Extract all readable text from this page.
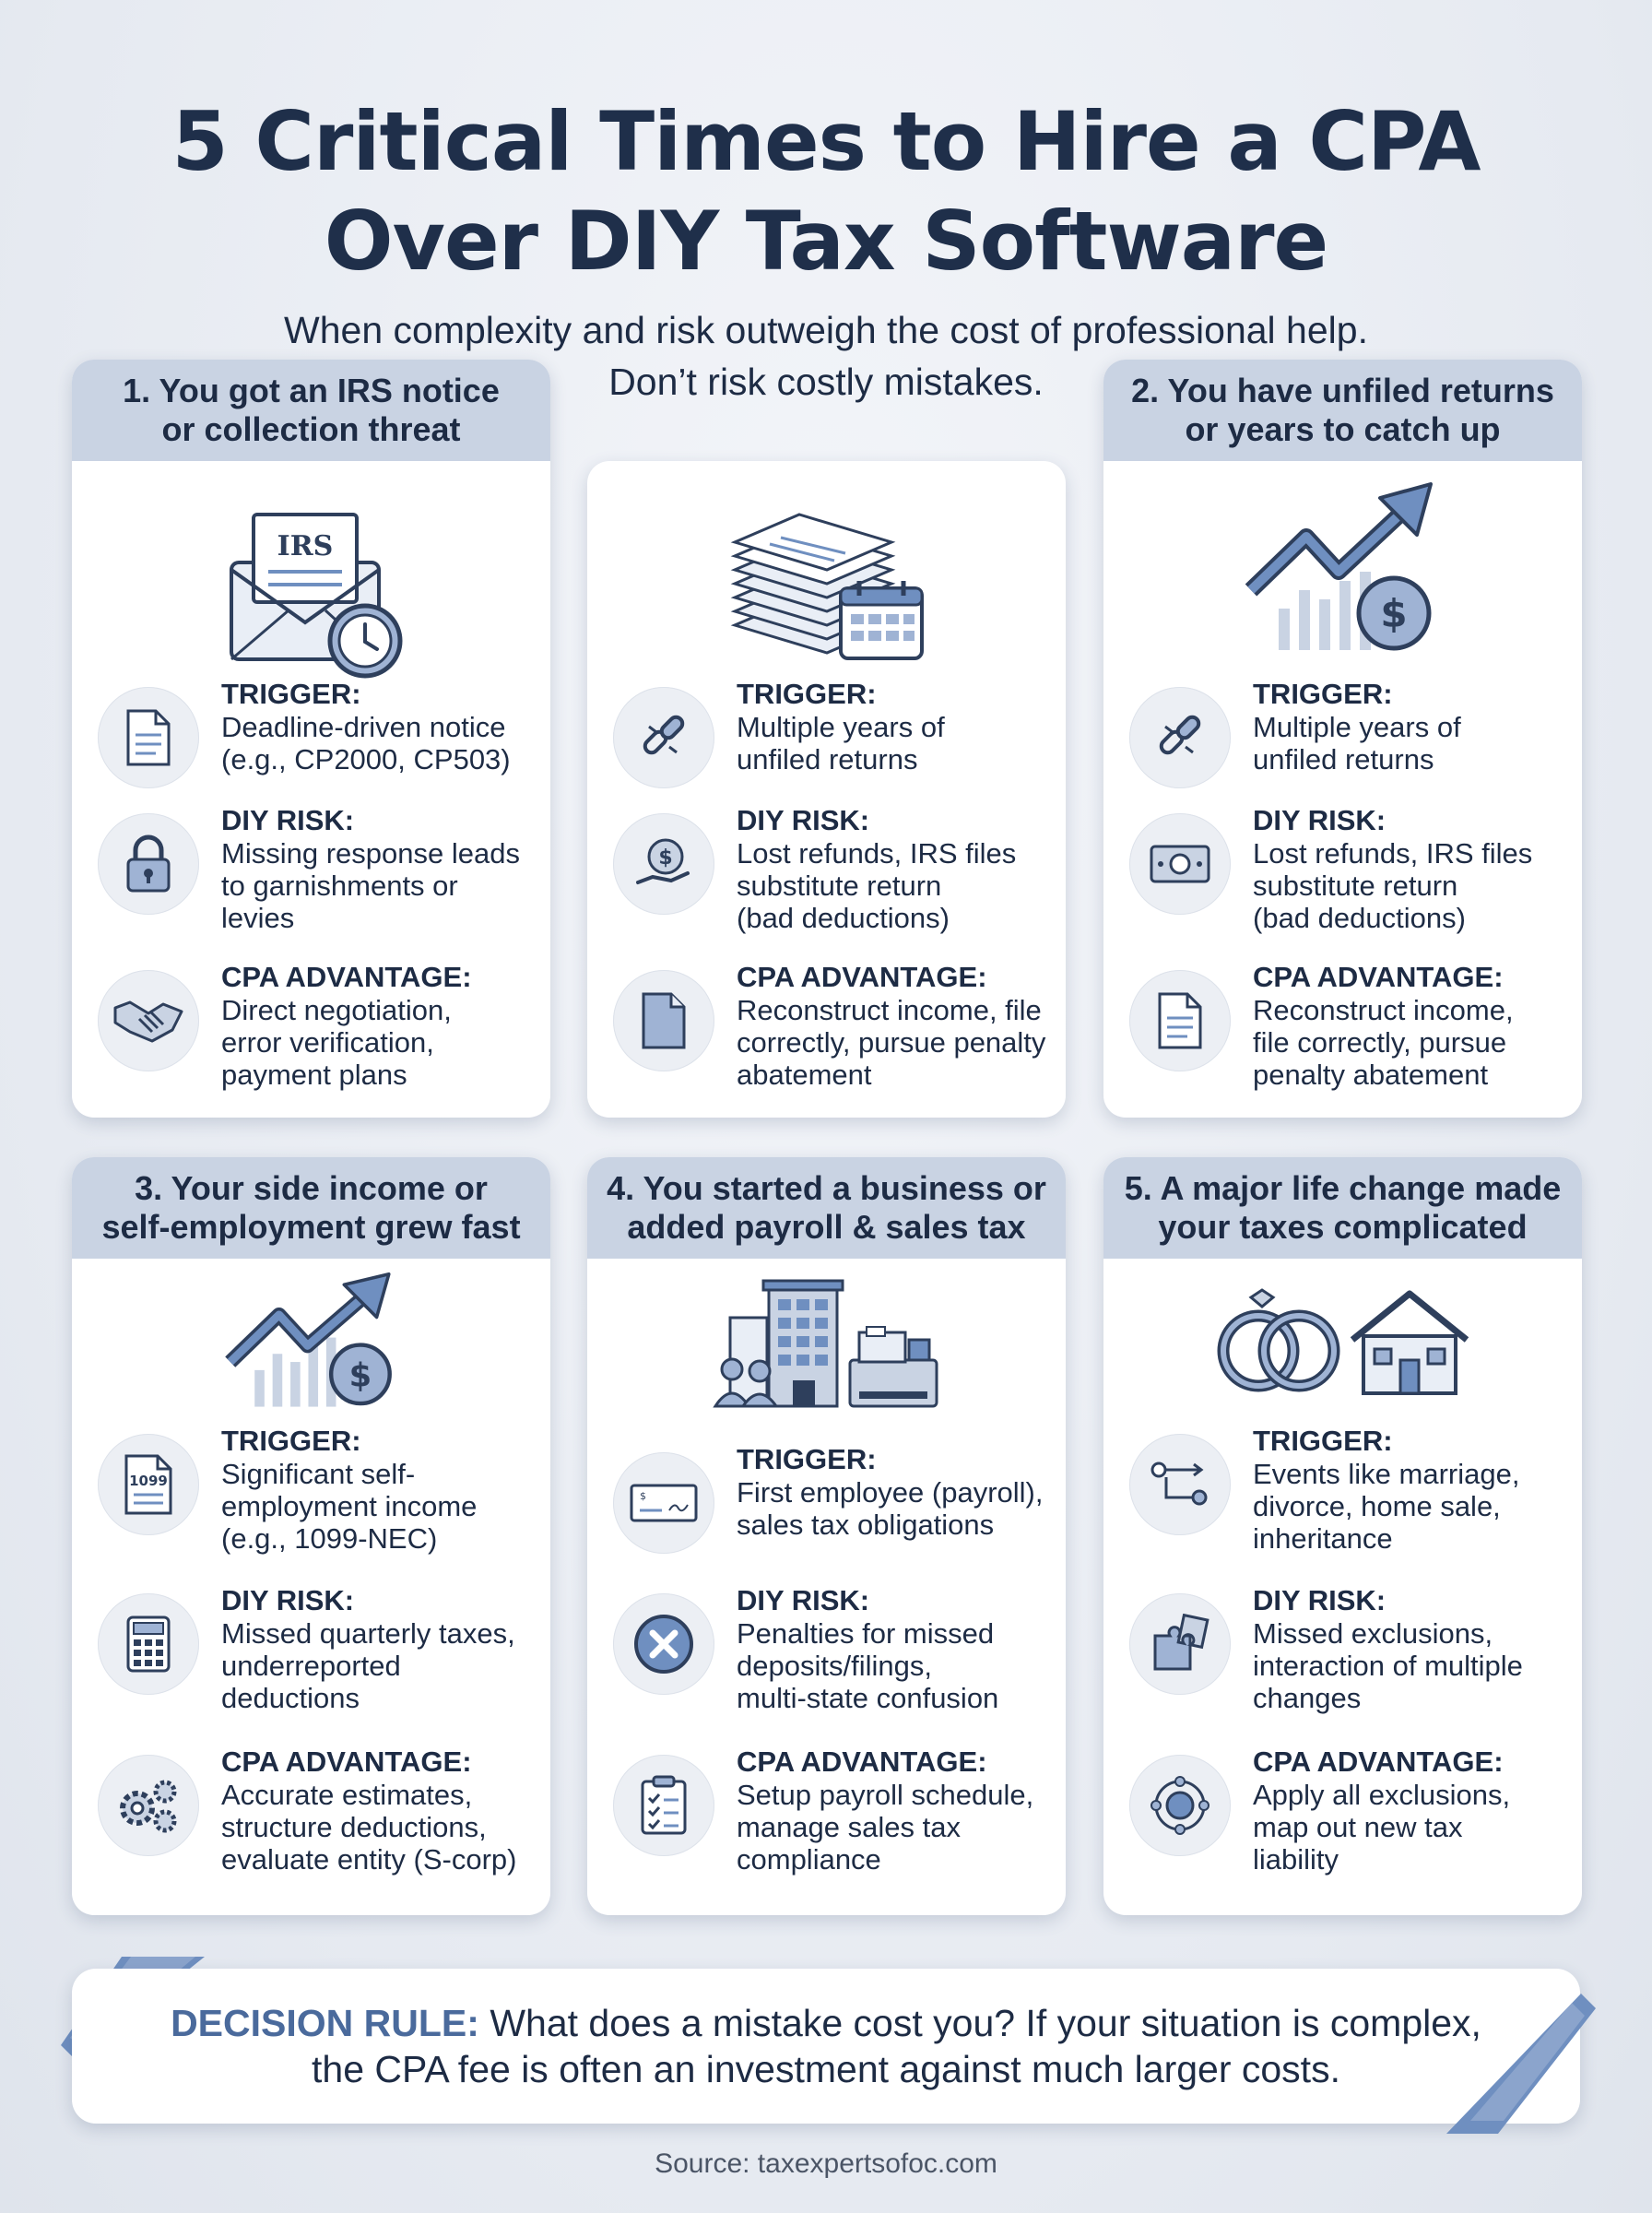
5 Critical Times to Hire a CPA
Over DIY Tax Software
When complexity and risk outweigh the cost of professional help.
Don’t risk costly mistakes.
1. You got an IRS notice
or collection threat
IRS
TRIGGER:
Deadline-driven notice
(e.g., CP2000, CP503)
DIY RISK:
Missing response leads
to garnishments or
levies
CPA ADVANTAGE:
Direct negotiation,
error verification,
payment plans
TRIGGER:
Multiple years of
unfiled returns
$
DIY RISK:
Lost refunds, IRS files
substitute return
(bad deductions)
CPA ADVANTAGE:
Reconstruct income, file
correctly, pursue penalty
abatement
2. You have unfiled returns
or years to catch up
$
TRIGGER:
Multiple years of
unfiled returns
DIY RISK:
Lost refunds, IRS files
substitute return
(bad deductions)
CPA ADVANTAGE:
Reconstruct income,
file correctly, pursue
penalty abatement
3. Your side income or
self-employment grew fast
$
1099
TRIGGER:
Significant self-
employment income
(e.g., 1099-NEC)
DIY RISK:
Missed quarterly taxes,
underreported
deductions
CPA ADVANTAGE:
Accurate estimates,
structure deductions,
evaluate entity (S-corp)
4. You started a business or
added payroll & sales tax
$
TRIGGER:
First employee (payroll),
sales tax obligations
DIY RISK:
Penalties for missed
deposits/filings,
multi-state confusion
CPA ADVANTAGE:
Setup payroll schedule,
manage sales tax
compliance
5. A major life change made
your taxes complicated
TRIGGER:
Events like marriage,
divorce, home sale,
inheritance
DIY RISK:
Missed exclusions,
interaction of multiple
changes
CPA ADVANTAGE:
Apply all exclusions,
map out new tax
liability
DECISION RULE: What does a mistake cost you? If your situation is complex,
the CPA fee is often an investment against much larger costs.
Source: taxexpertsofoc.com
